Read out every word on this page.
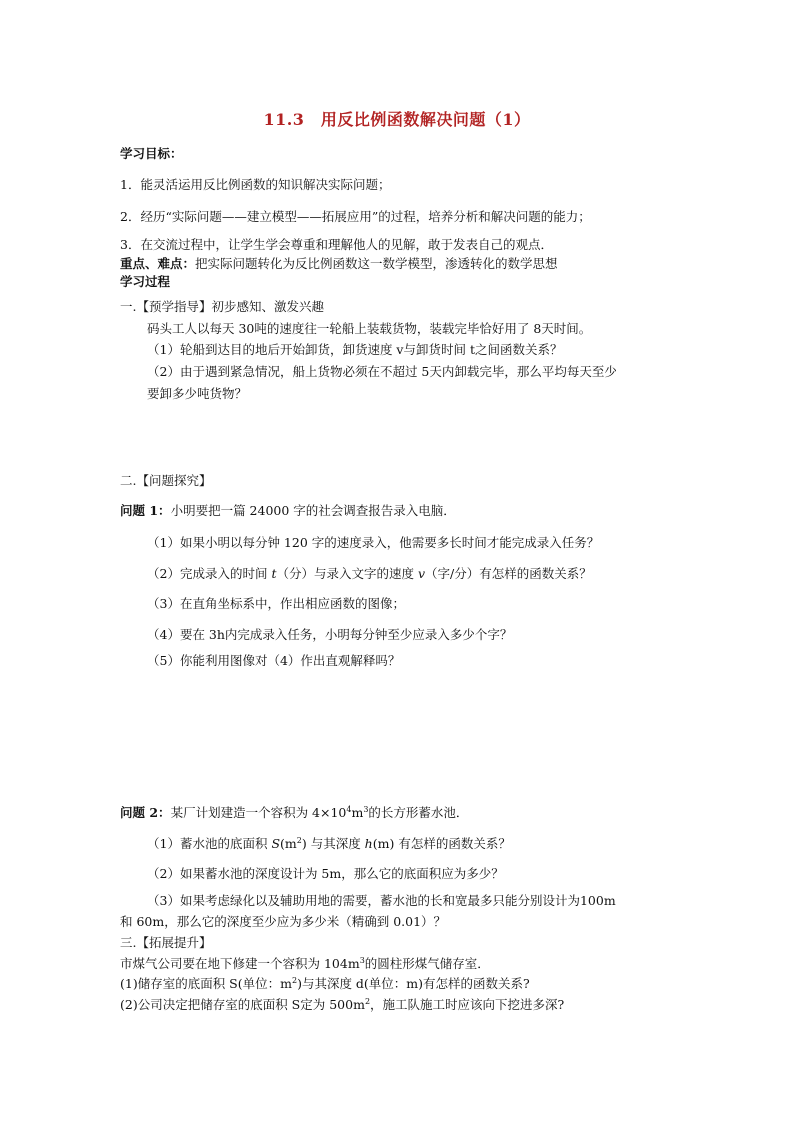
11.3　用反比例函数解决问题（1）
学习目标：
1．能灵活运用反比例函数的知识解决实际问题；
2．经历“实际问题——建立模型——拓展应用”的过程，培养分析和解决问题的能力；
3．在交流过程中，让学生学会尊重和理解他人的见解，敢于发表自己的观点．
重点、难点：把实际问题转化为反比例函数这一数学模型，渗透转化的数学思想
学习过程
一.【预学指导】初步感知、激发兴趣
码头工人以每天 30吨的速度往一轮船上装载货物，装载完毕恰好用了 8天时间。
（1）轮船到达目的地后开始卸货，卸货速度 v与卸货时间 t之间函数关系？
（2）由于遇到紧急情况，船上货物必须在不超过 5天内卸载完毕，那么平均每天至少
要卸多少吨货物？
二.【问题探究】
问题 1：小明要把一篇 24000 字的社会调查报告录入电脑．
（1）如果小明以每分钟 120 字的速度录入，他需要多长时间才能完成录入任务？
（2）完成录入的时间 t（分）与录入文字的速度 v（字/分）有怎样的函数关系？
（3）在直角坐标系中，作出相应函数的图像；
（4）要在 3h内完成录入任务，小明每分钟至少应录入多少个字？
（5）你能利用图像对（4）作出直观解释吗？
问题 2：某厂计划建造一个容积为 $4\times 10^4m^3$的长方形蓄水池．
（1）蓄水池的底面积 $S(m^2)$ 与其深度 h(m) 有怎样的函数关系？
（2）如果蓄水池的深度设计为 5m，那么它的底面积应为多少？
（3）如果考虑绿化以及辅助用地的需要，蓄水池的长和宽最多只能分别设计为100m
和 60m，那么它的深度至少应为多少米（精确到 0.01）？
三.【拓展提升】
市煤气公司要在地下修建一个容积为 $104m^3$的圆柱形煤气储存室．
(1)储存室的底面积 S(单位：$m^2$)与其深度 d(单位：m)有怎样的函数关系?
(2)公司决定把储存室的底面积 S定为 $500m^2$，施工队施工时应该向下挖进多深?
